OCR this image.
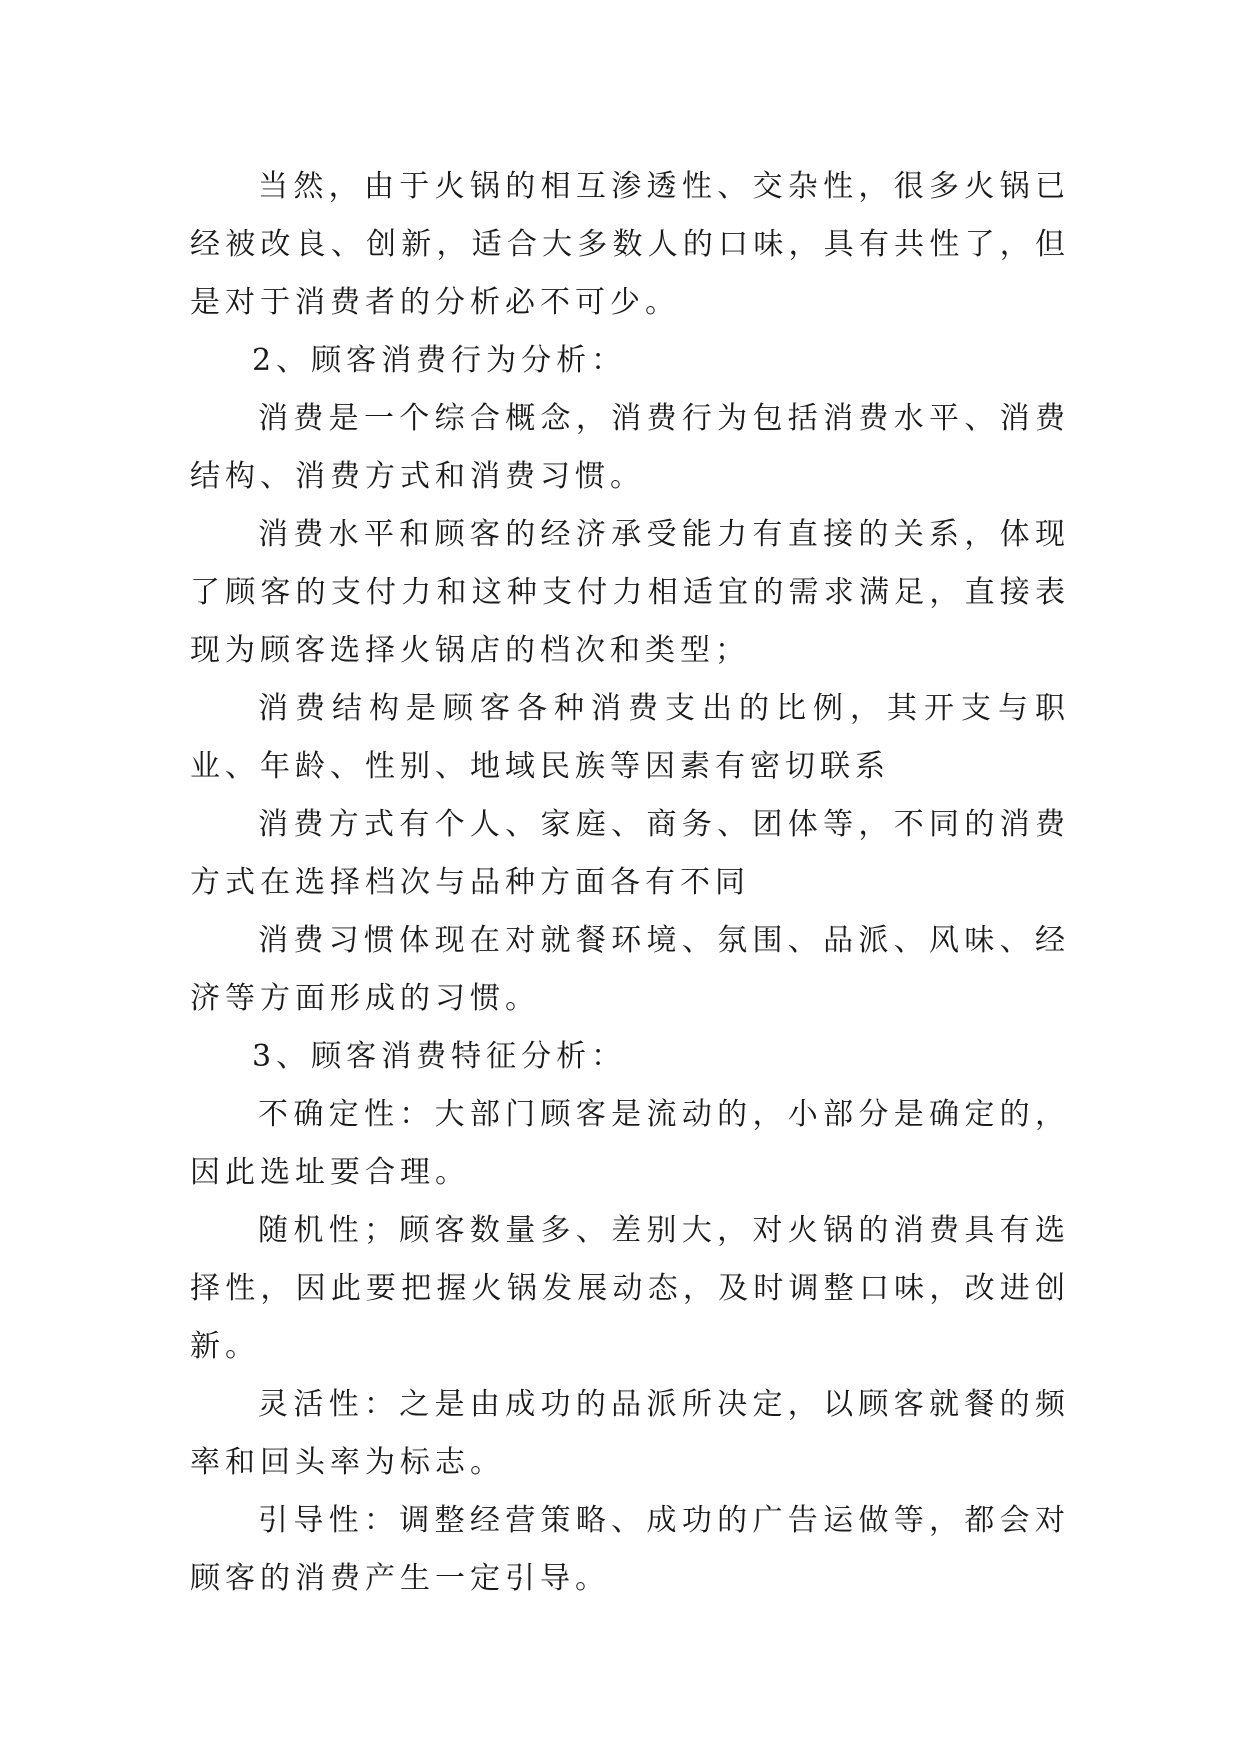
当然，由于火锅的相互渗透性、交杂性，很多火锅已经被改良、创新，适合大多数人的口味，具有共性了，但是对于消费者的分析必不可少。

2、顾客消费行为分析：

消费是一个综合概念，消费行为包括消费水平、消费结构、消费方式和消费习惯。

消费水平和顾客的经济承受能力有直接的关系，体现了顾客的支付力和这种支付力相适宜的需求满足，直接表现为顾客选择火锅店的档次和类型；

消费结构是顾客各种消费支出的比例，其开支与职业、年龄、性别、地域民族等因素有密切联系

消费方式有个人、家庭、商务、团体等，不同的消费方式在选择档次与品种方面各有不同

消费习惯体现在对就餐环境、氛围、品派、风味、经济等方面形成的习惯。

3、顾客消费特征分析：

不确定性：大部门顾客是流动的，小部分是确定的，因此选址要合理。

随机性；顾客数量多、差别大，对火锅的消费具有选择性，因此要把握火锅发展动态，及时调整口味，改进创新。

灵活性：之是由成功的品派所决定，以顾客就餐的频率和回头率为标志。

引导性：调整经营策略、成功的广告运做等，都会对顾客的消费产生一定引导。
